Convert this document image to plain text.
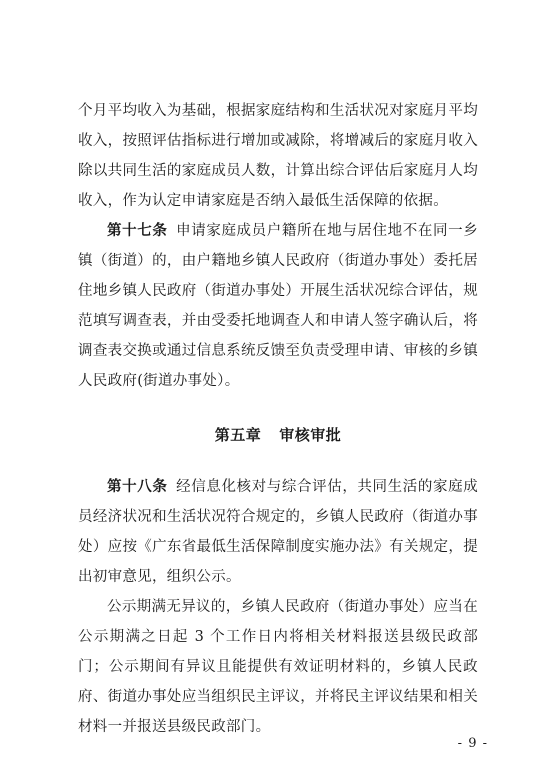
个月平均收入为基础，根据家庭结构和生活状况对家庭月平均收入，按照评估指标进行增加或减除，将增减后的家庭月收入除以共同生活的家庭成员人数，计算出综合评估后家庭月人均收入，作为认定申请家庭是否纳入最低生活保障的依据。

第十七条 申请家庭成员户籍所在地与居住地不在同一乡镇（街道）的，由户籍地乡镇人民政府（街道办事处）委托居住地乡镇人民政府（街道办事处）开展生活状况综合评估，规范填写调查表，并由受委托地调查人和申请人签字确认后，将调查表交换或通过信息系统反馈至负责受理申请、审核的乡镇人民政府(街道办事处）。

第五章 审核审批

第十八条 经信息化核对与综合评估，共同生活的家庭成员经济状况和生活状况符合规定的，乡镇人民政府（街道办事处）应按《广东省最低生活保障制度实施办法》有关规定，提出初审意见，组织公示。

公示期满无异议的，乡镇人民政府（街道办事处）应当在公示期满之日起 3 个工作日内将相关材料报送县级民政部门；公示期间有异议且能提供有效证明材料的，乡镇人民政府、街道办事处应当组织民主评议，并将民主评议结果和相关材料一并报送县级民政部门。

- 9 -
